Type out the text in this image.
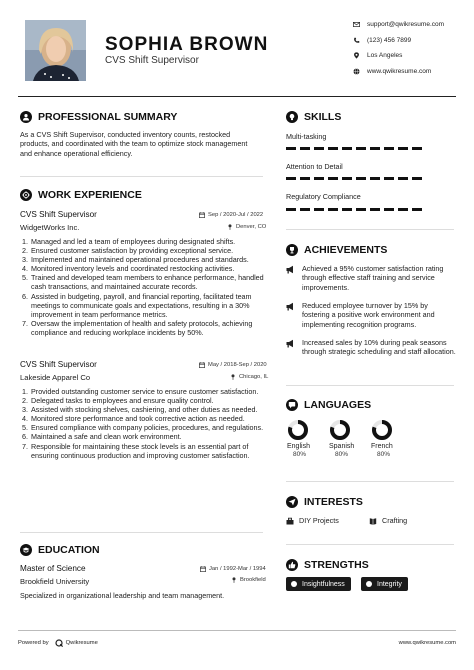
SOPHIA BROWN
CVS Shift Supervisor
support@qwikresume.com
(123) 456 7899
Los Angeles
www.qwikresume.com
PROFESSIONAL SUMMARY
As a CVS Shift Supervisor, conducted inventory counts, restocked products, and coordinated with the team to optimize stock management and enhance operational efficiency.
WORK EXPERIENCE
CVS Shift Supervisor	Sep / 2020-Jul / 2022
WidgetWorks Inc.	Denver, CO
1. Managed and led a team of employees during designated shifts.
2. Ensured customer satisfaction by providing exceptional service.
3. Implemented and maintained operational procedures and standards.
4. Monitored inventory levels and coordinated restocking activities.
5. Trained and developed team members to enhance performance, handled cash transactions, and maintained accurate records.
6. Assisted in budgeting, payroll, and financial reporting, facilitated team meetings to communicate goals and expectations, resulting in a 30% improvement in team performance metrics.
7. Oversaw the implementation of health and safety protocols, achieving compliance and reducing workplace incidents by 50%.
CVS Shift Supervisor	May / 2018-Sep / 2020
Lakeside Apparel Co	Chicago, IL
1. Provided outstanding customer service to ensure customer satisfaction.
2. Delegated tasks to employees and ensure quality control.
3. Assisted with stocking shelves, cashiering, and other duties as needed.
4. Monitored store performance and took corrective action as needed.
5. Ensured compliance with company policies, procedures, and regulations.
6. Maintained a safe and clean work environment.
7. Responsible for maintaining these stock levels is an essential part of ensuring continuous production and improving customer satisfaction.
EDUCATION
Master of Science	Jan / 1992-Mar / 1994
Brookfield University	Brookfield
Specialized in organizational leadership and team management.
SKILLS
Multi-tasking
Attention to Detail
Regulatory Compliance
ACHIEVEMENTS
Achieved a 95% customer satisfaction rating through effective staff training and service improvements.
Reduced employee turnover by 15% by fostering a positive work environment and implementing recognition programs.
Increased sales by 10% during peak seasons through strategic scheduling and staff allocation.
LANGUAGES
English
80%
Spanish
80%
French
80%
INTERESTS
DIY Projects	Crafting
STRENGTHS
Insightfulness	Integrity
Powered by	Qwikresume	www.qwikresume.com
